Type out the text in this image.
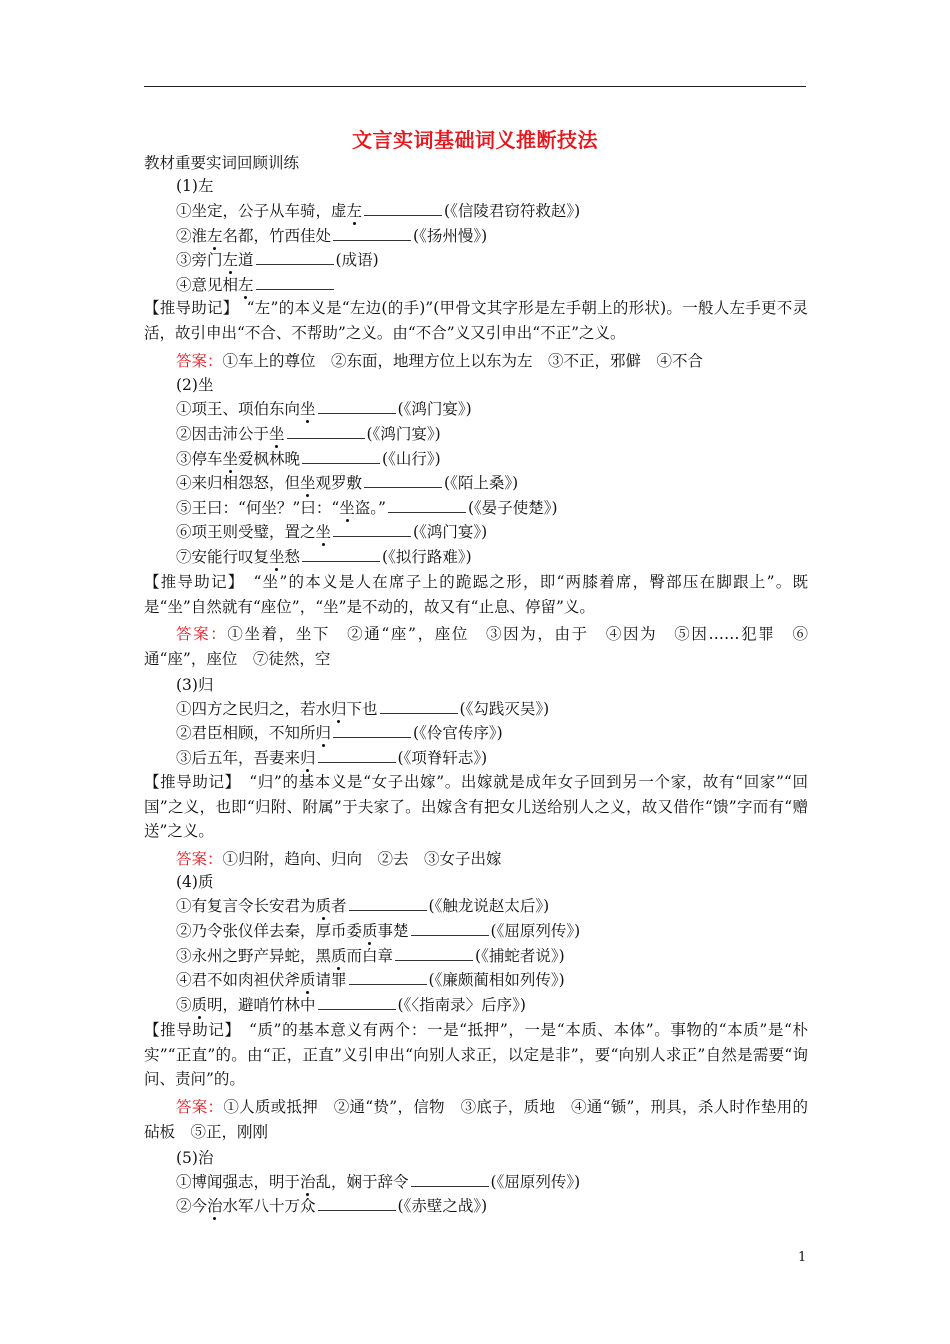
文言实词基础词义推断技法
教材重要实词回顾训练
(1)左
①坐定，公子从车骑，虚左	(《信陵君窃符救赵》)
②淮左名都，竹西佳处	(《扬州慢》)
③旁门左道	(成语)
④意见相左
【推导助记】　“左”的本义是“左边(的手)”(甲骨文其字形是左手朝上的形状)。一般人左手更不灵活，故引申出“不合、不帮助”之义。由“不合”义又引申出“不正”之义。
答案：①车上的尊位　②东面，地理方位上以东为左　③不正，邪僻　④不合
(2)坐
①项王、项伯东向坐	(《鸿门宴》)
②因击沛公于坐	(《鸿门宴》)
③停车坐爱枫林晚	(《山行》)
④来归相怨怒，但坐观罗敷	(《陌上桑》)
⑤王曰：“何坐？”曰：“坐盗。”	(《晏子使楚》)
⑥项王则受璧，置之坐	(《鸿门宴》)
⑦安能行叹复坐愁	(《拟行路难》)
【推导助记】　“坐”的本义是人在席子上的跪跽之形，即“两膝着席，臀部压在脚跟上”。既是“坐”自然就有“座位”，“坐”是不动的，故又有“止息、停留”义。
答案：①坐着，坐下　②通“座”，座位　③因为，由于　④因为　⑤因……犯罪　⑥通“座”，座位　⑦徒然，空
(3)归
①四方之民归之，若水归下也	(《勾践灭吴》)
②君臣相顾，不知所归	(《伶官传序》)
③后五年，吾妻来归	(《项脊轩志》)
【推导助记】　“归”的基本义是“女子出嫁”。出嫁就是成年女子回到另一个家，故有“回家”“回国”之义，也即“归附、附属”于夫家了。出嫁含有把女儿送给别人之义，故又借作“馈”字而有“赠送”之义。
答案：①归附，趋向、归向　②去　③女子出嫁
(4)质
①有复言令长安君为质者	(《触龙说赵太后》)
②乃令张仪佯去秦，厚币委质事楚	(《屈原列传》)
③永州之野产异蛇，黑质而白章	(《捕蛇者说》)
④君不如肉袒伏斧质请罪	(《廉颇蔺相如列传》)
⑤质明，避哨竹林中	(《〈指南录〉后序》)
【推导助记】　“质”的基本意义有两个：一是“抵押”，一是“本质、本体”。事物的“本质”是“朴实”“正直”的。由“正，正直”义引申出“向别人求正，以定是非”，要“向别人求正”自然是需要“询问、责问”的。
答案：①人质或抵押　②通“贽”，信物　③底子，质地　④通“锧”，刑具，杀人时作垫用的砧板　⑤正，刚刚
(5)治
①博闻强志，明于治乱，娴于辞令	(《屈原列传》)
②今治水军八十万众	(《赤壁之战》)
1
